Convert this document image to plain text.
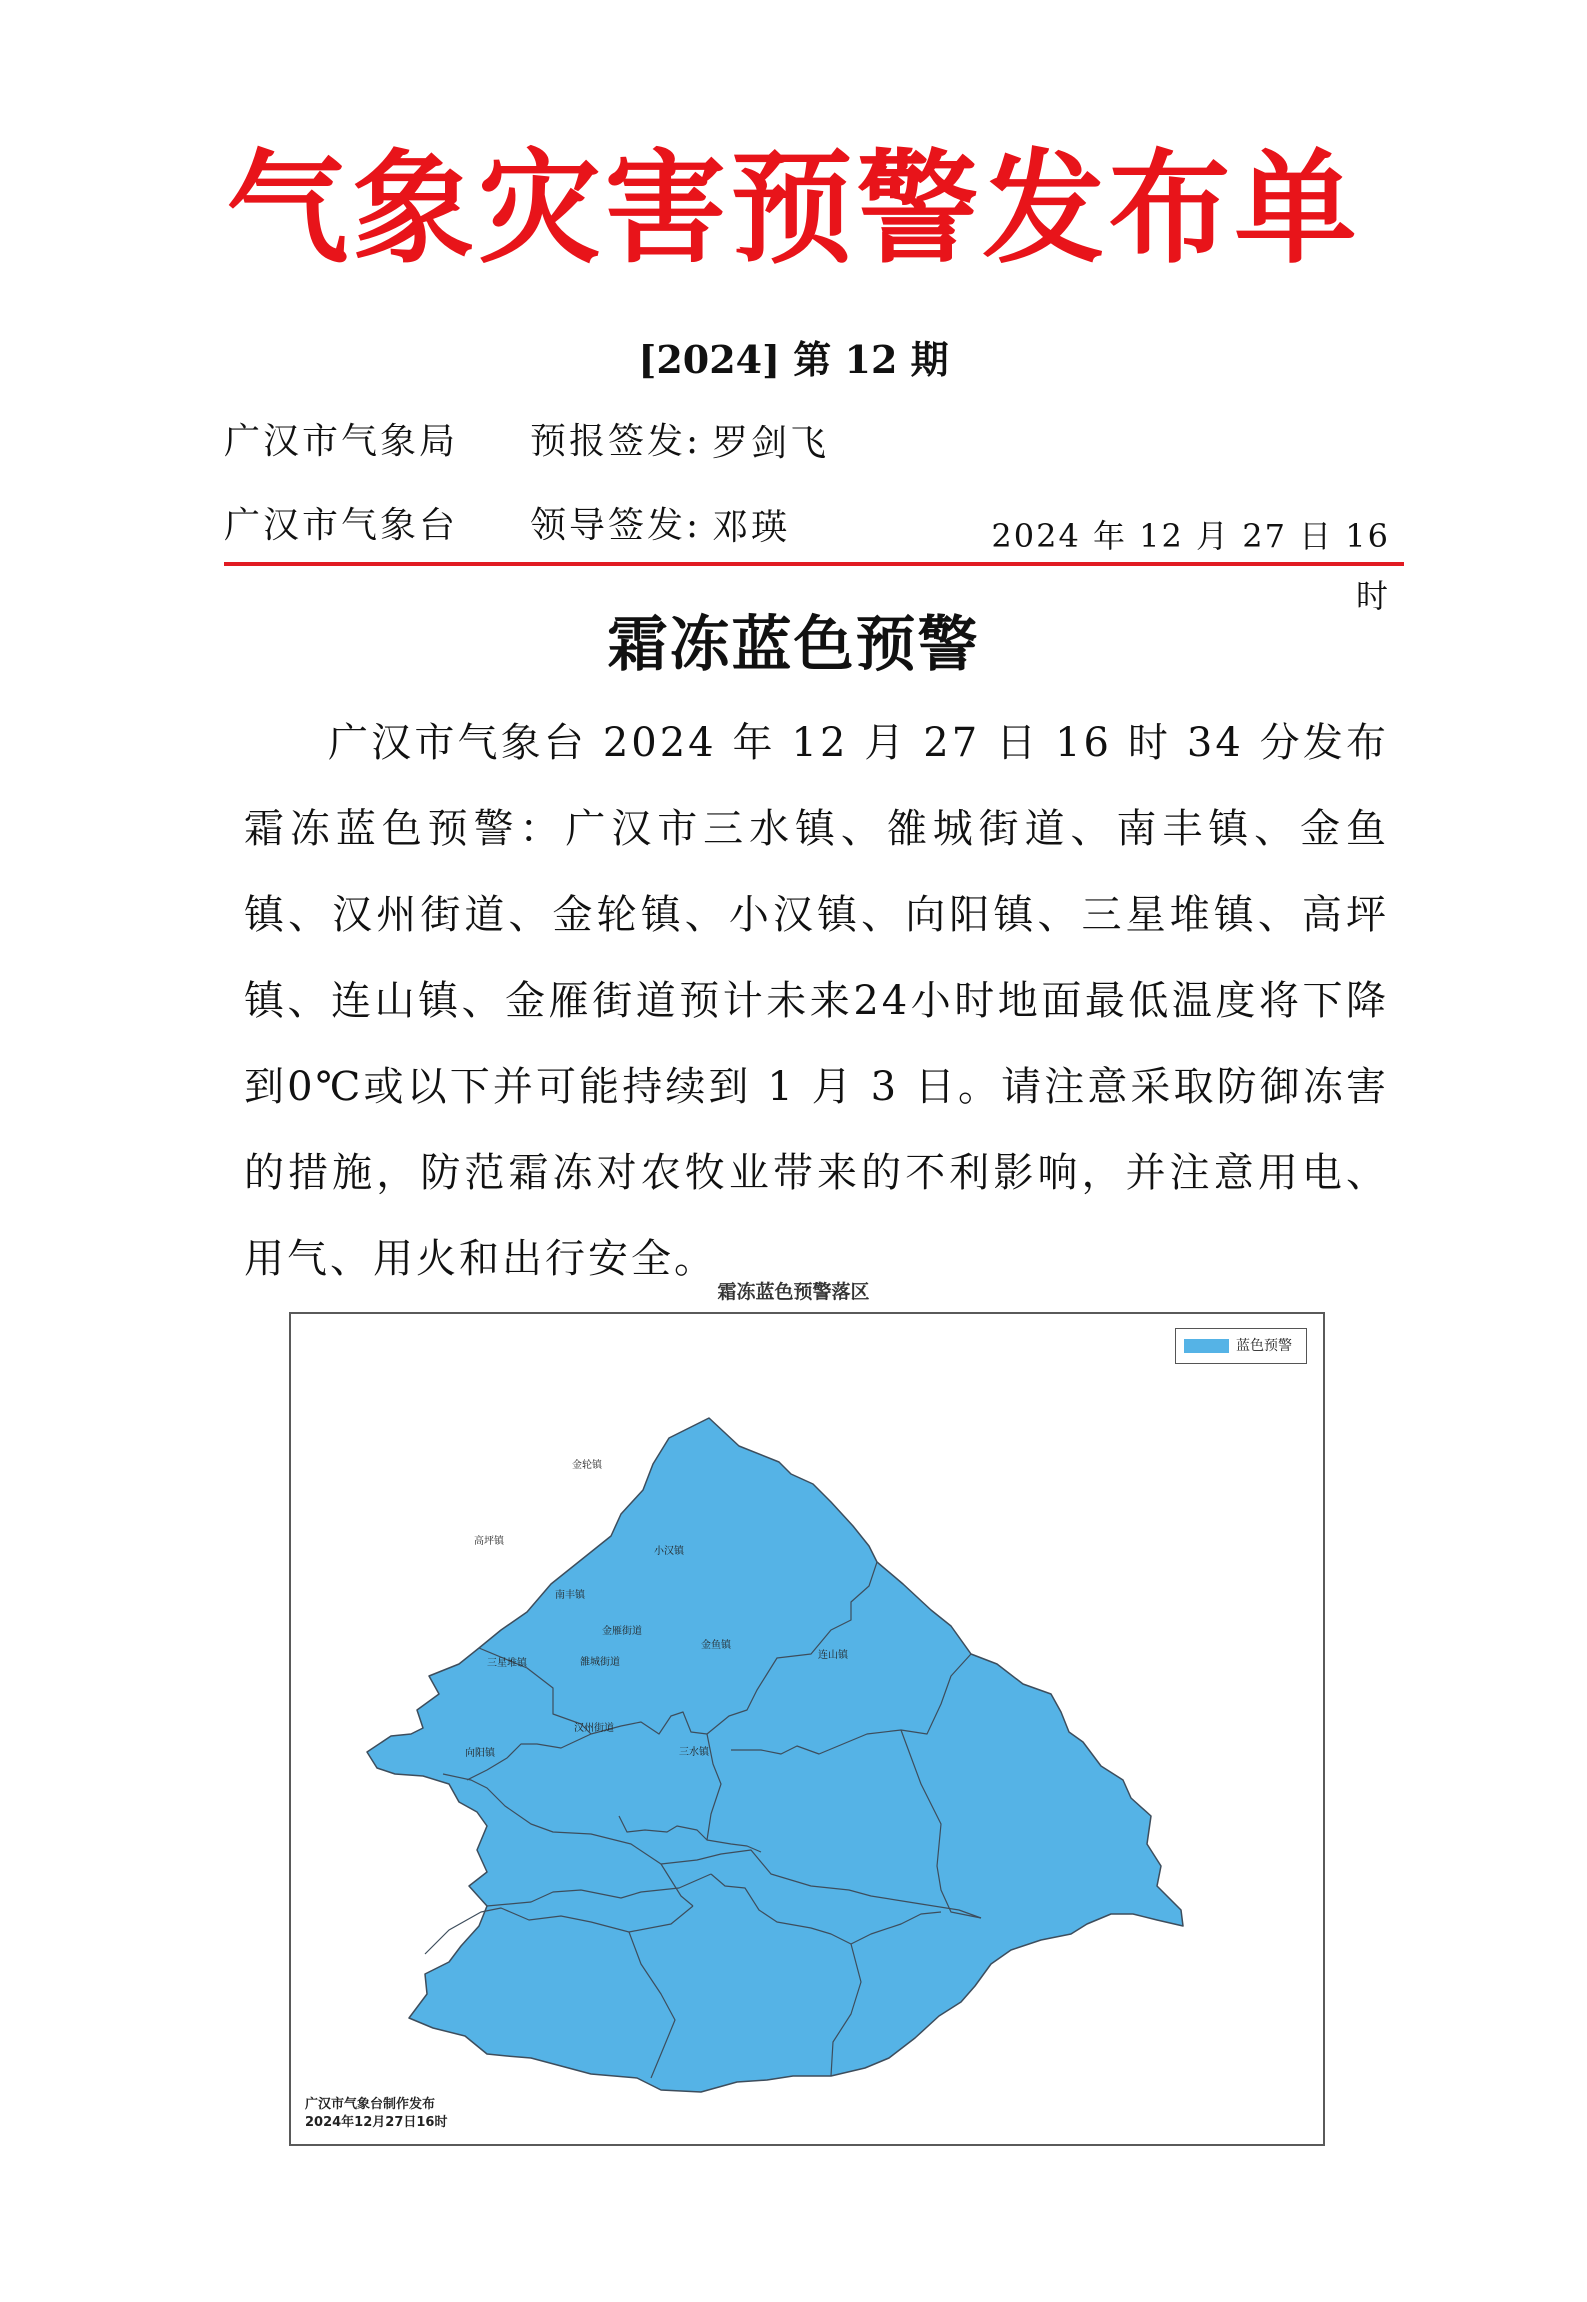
气象灾害预警发布单
[2024] 第 12 期
广汉市气象局 预报签发: 罗剑飞
广汉市气象台 领导签发: 邓瑛	2024 年 12 月 27 日 16 时
霜冻蓝色预警

广汉市气象台 2024 年 12 月 27 日 16 时 34 分发布霜冻蓝色预警：广汉市三水镇、雒城街道、南丰镇、金鱼镇、汉州街道、金轮镇、小汉镇、向阳镇、三星堆镇、高坪镇、连山镇、金雁街道预计未来24小时地面最低温度将下降到0℃或以下并可能持续到 1 月 3 日。请注意采取防御冻害的措施，防范霜冻对农牧业带来的不利影响，并注意用电、用气、用火和出行安全。

霜冻蓝色预警落区
金轮镇
高坪镇
小汉镇
南丰镇
金雁街道
金鱼镇
连山镇
三星堆镇	雒城街道
汉州街道
向阳镇	三水镇
蓝色预警
广汉市气象台制作发布
2024年12月27日16时
